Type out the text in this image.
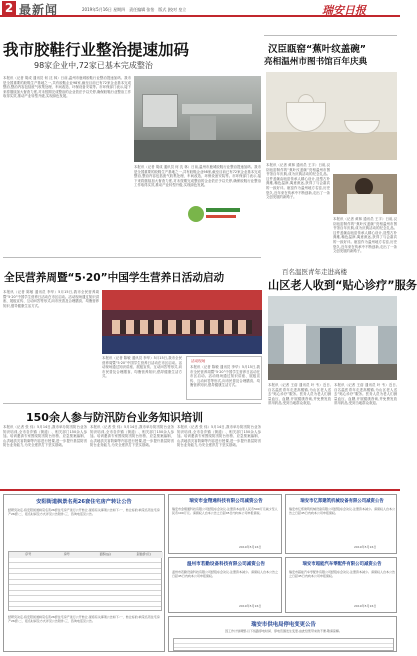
2 最新闻	2019年5月16日 星期四　责任编辑 张怡　版式 |校对 皇立	瑞安日报
我市胶鞋行业整治提速加码
98家企业中,72家已基本完成整治
本报讯（记者 胡成 通讯员 何 沈 林）日前,温州市鹿城胶鞋行业整治提速加码。我市是全国重要的胶鞋生产基地之一,共有胶鞋企业98家,截至目前已有72家企业基本完成整治,整治内容包括废气收集处理、车间改造、环保设备安装等。市环保部门表示,接下来将继续加大督查力度,对未按期完成整治的企业依法予以关停,确保胶鞋行业整治工作取得实效,推动产业转型升级,实现绿色发展。
本报讯（记者 胡成 通讯员 何 沈 林）日前,温州市鹿城胶鞋行业整治提速加码。我市是全国重要的胶鞋生产基地之一,共有胶鞋企业98家,截至目前已有72家企业基本完成整治,整治内容包括废气收集处理、车间改造、环保设备安装等。市环保部门表示,接下来将继续加大督查力度,对未按期完成整治的企业依法予以关停,确保胶鞋行业整治工作取得实效,推动产业转型升级,实现绿色发展。
汉臣瓯窑“蕉叶纹盖碗”
亮相温州市图书馆百年庆典
本报讯（记者 黄林 通讯员 王宇）日前,汉臣瓯窑制作的“蕉叶纹盖碗”亮相温州市图书馆百年庆典,成为庆典活动的纪念礼品。这件盖碗由瓯窑传承人精心设计,造型古朴典雅,釉色温润,寓意深远,获得了与会嘉宾的一致好评。瓯窑作为温州地方名窑,历史悠久,近年来在传承中不断创新,走出了一条文创发展的新路子。
本报讯（记者 黄林 通讯员 王宇）日前,汉臣瓯窑制作的“蕉叶纹盖碗”亮相温州市图书馆百年庆典,成为庆典活动的纪念礼品。这件盖碗由瓯窑传承人精心设计,造型古朴典雅,釉色温润,寓意深远,获得了与会嘉宾的一致好评。瓯窑作为温州地方名窑,历史悠久,近年来在传承中不断创新,走出了一条文创发展的新路子。
全民营养周暨“5·20”中国学生营养日活动启动
本报讯（记者 陈敏 通讯员 李华）5月15日,我市全民营养周暨“5·20”中国学生营养日活动在市区启动。活动现场通过知识讲座、展板宣传、互动问答等形式,向市民普及合理膳食、均衡营养知识,倡导健康生活方式。
本报讯（记者 陈敏 通讯员 李华）5月15日,我市全民营养周暨“5·20”中国学生营养日活动在市区启动。活动现场通过知识讲座、展板宣传、互动问答等形式,向市民普及合理膳食、均衡营养知识,倡导健康生活方式。
活动现场
本报讯（记者 陈敏 通讯员 李华）5月15日,我市全民营养周暨“5·20”中国学生营养日活动在市区启动。活动现场通过知识讲座、展板宣传、互动问答等形式,向市民普及合理膳食、均衡营养知识,倡导健康生活方式。
百名温医青年走进高楼
山区老人收到“贴心诊疗”服务
本报讯（记者 王蓓 通讯员 叶 韦）近日,百名温医青年走进高楼镇,为山区老人送去“贴心诊疗”服务。医务人员为老人们测量血压、血糖,开展健康咨询,并免费发放常用药品,受到当地群众欢迎。
本报讯（记者 王蓓 通讯员 叶 韦）近日,百名温医青年走进高楼镇,为山区老人送去“贴心诊疗”服务。医务人员为老人们测量血压、血糖,开展健康咨询,并免费发放常用药品,受到当地群众欢迎。
150余人参与防汛防台业务知识培训
本报讯（记者 张 伟）5月14日,我市举办防汛防台业务知识培训,全市各乡镇（街道）、相关部门150余人参加。培训邀请专家围绕防汛防台形势、应急预案编制、山洪地质灾害防御等内容进行授课,进一步提升基层防汛防台业务能力,为安全度汛打下坚实基础。
本报讯（记者 张 伟）5月14日,我市举办防汛防台业务知识培训,全市各乡镇（街道）、相关部门150余人参加。培训邀请专家围绕防汛防台形势、应急预案编制、山洪地质灾害防御等内容进行授课,进一步提升基层防汛防台业务能力,为安全度汛打下坚实基础。
本报讯（记者 张 伟）5月14日,我市举办防汛防台业务知识培训,全市各乡镇（街道）、相关部门150余人参加。培训邀请专家围绕防汛防台形势、应急预案编制、山洪地质灾害防御等内容进行授课,进一步提升基层防汛防台业务能力,为安全度汛打下坚实基础。
安阳街道枫景名苑26套住宅房产转让公告
经研究决定,将安阳街道枫景名苑26套住宅房产进行公开转让,现将有关事项公告如下:一、转让标的:枫景名苑住宅房产26套;二、报名时间及方式详见公告附件;三、咨询电话见公告。
序号	房号	面积(㎡)	起始价(元)
经研究决定,将安阳街道枫景名苑26套住宅房产进行公开转让,现将有关事项公告如下:一、转让标的:枫景名苑住宅房产26套;二、报名时间及方式详见公告附件;三、咨询电话见公告。
瑞安市金翔通科技有限公司减资公告
瑞安市金翔通科技有限公司经股东会决议,注册资本由原人民币500万元减少至人民币100万元。请债权人自本公告之日起45日内向本公司申报债权。
2019年5月16日
瑞安市亿郑建筑机械设备有限公司减资公告
瑞安市亿郑建筑机械设备有限公司经股东会决议,注册资本减少。请债权人自本公告之日起45日内向本公司申报债权。
2019年5月16日
温州市若勤设备科技有限公司减资公告
温州市若勤设备科技有限公司经股东会决议,注册资本减少。请债权人自本公告之日起45日内向本公司申报债权。
2019年5月16日
瑞安市超能汽车零配件有限公司减资公告
瑞安市超能汽车零配件有限公司经股东会决议,注册资本减少。请债权人自本公告之日起45日内向本公司申报债权。
2019年5月16日
瑞安市供电局停电变更公告
因工作计划调整,以下线路停电时间、停电范围发生变更,由此给您带来的不便,敬请谅解。
